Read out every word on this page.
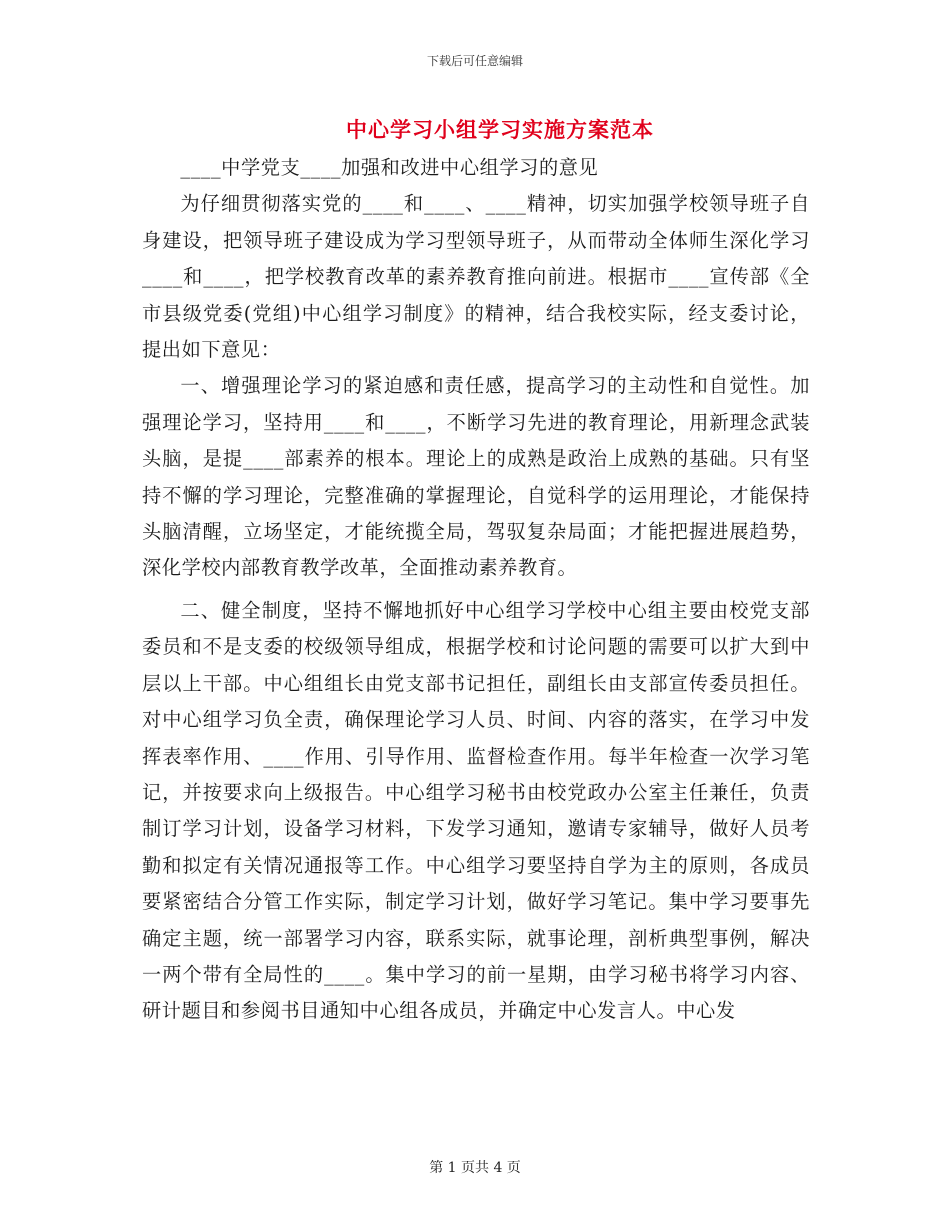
下载后可任意编辑
中心学习小组学习实施方案范本

____中学党支____加强和改进中心组学习的意见

为仔细贯彻落实党的____和____、____精神，切实加强学校领导班子自身建设，把领导班子建设成为学习型领导班子，从而带动全体师生深化学习____和____，把学校教育改革的素养教育推向前进。根据市____宣传部《全市县级党委(党组)中心组学习制度》的精神，结合我校实际，经支委讨论，提出如下意见：

一、增强理论学习的紧迫感和责任感，提高学习的主动性和自觉性。加强理论学习，坚持用____和____，不断学习先进的教育理论，用新理念武装头脑，是提____部素养的根本。理论上的成熟是政治上成熟的基础。只有坚持不懈的学习理论，完整准确的掌握理论，自觉科学的运用理论，才能保持头脑清醒，立场坚定，才能统揽全局，驾驭复杂局面；才能把握进展趋势，深化学校内部教育教学改革，全面推动素养教育。

二、健全制度，坚持不懈地抓好中心组学习学校中心组主要由校党支部委员和不是支委的校级领导组成，根据学校和讨论问题的需要可以扩大到中层以上干部。中心组组长由党支部书记担任，副组长由支部宣传委员担任。对中心组学习负全责，确保理论学习人员、时间、内容的落实，在学习中发挥表率作用、____作用、引导作用、监督检查作用。每半年检查一次学习笔记，并按要求向上级报告。中心组学习秘书由校党政办公室主任兼任，负责制订学习计划，设备学习材料，下发学习通知，邀请专家辅导，做好人员考勤和拟定有关情况通报等工作。中心组学习要坚持自学为主的原则，各成员要紧密结合分管工作实际，制定学习计划，做好学习笔记。集中学习要事先确定主题，统一部署学习内容，联系实际，就事论理，剖析典型事例，解决一两个带有全局性的____。集中学习的前一星期，由学习秘书将学习内容、研计题目和参阅书目通知中心组各成员，并确定中心发言人。中心发

第 1 页共 4 页
